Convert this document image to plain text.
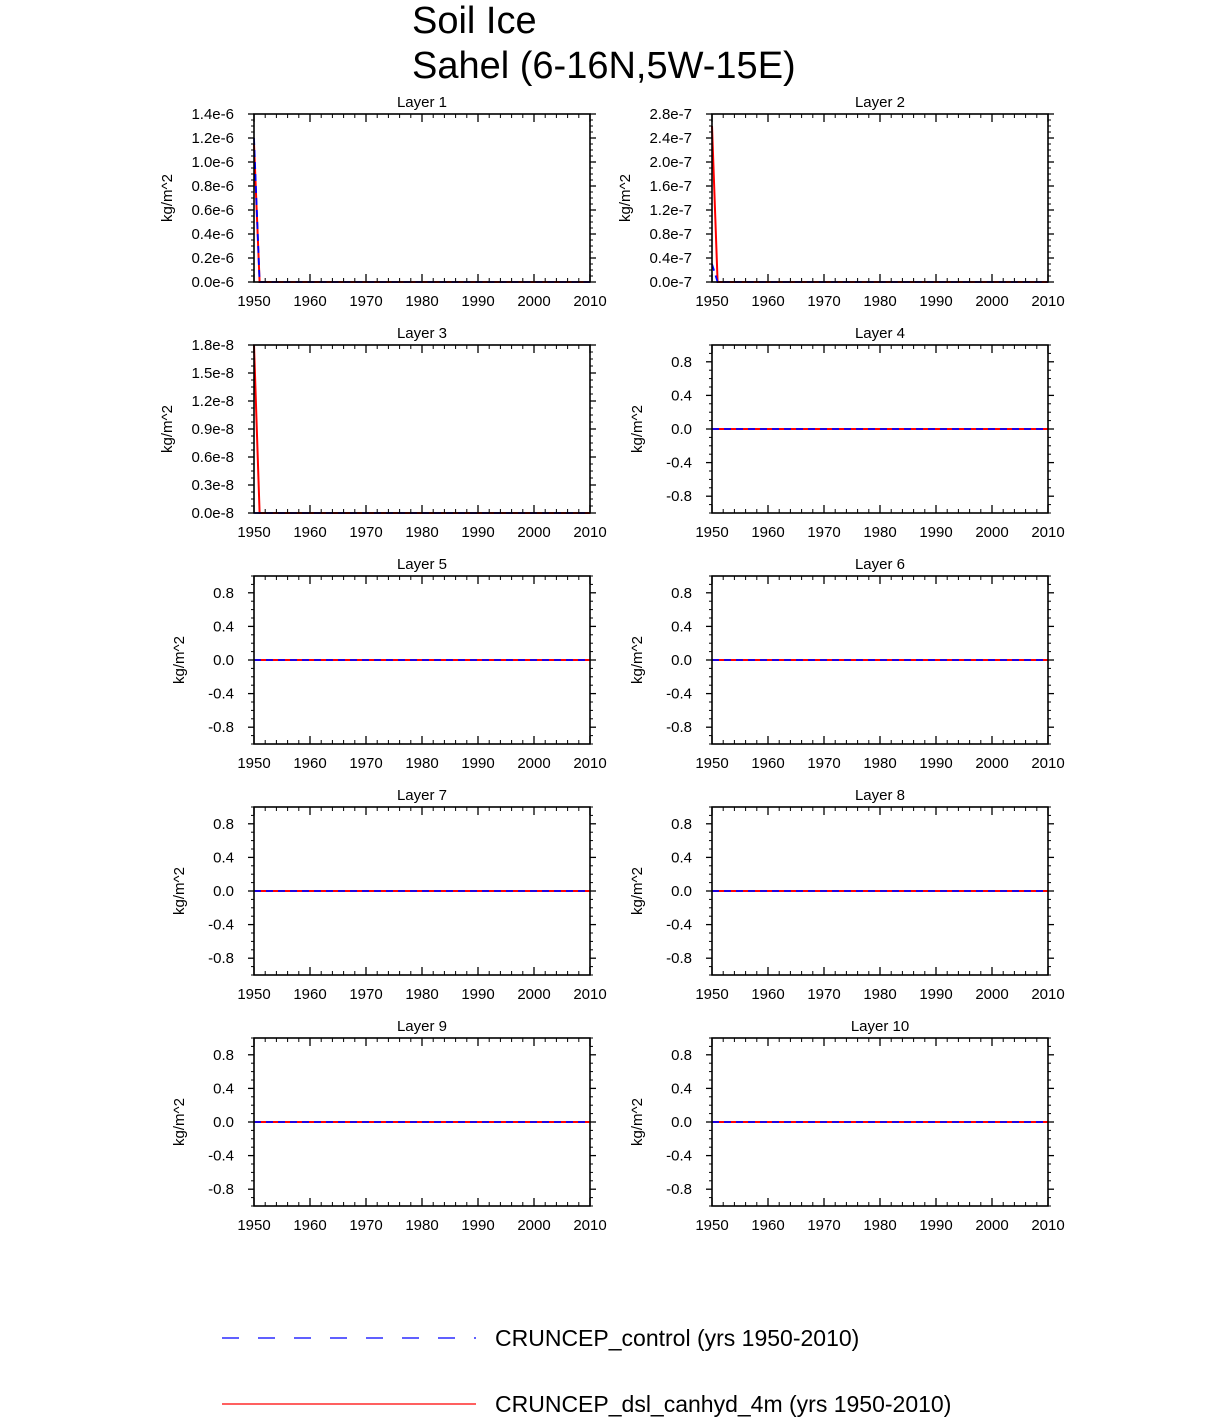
Soil Ice
Sahel (6-16N,5W-15E)
Layer 1
1950 1960 1970 1980 1990 2000 2010
0.0e-6
0.2e-6
0.4e-6
0.6e-6
0.8e-6
1.0e-6
1.2e-6
1.4e-6
kg/m^2
Layer 2
1950 1960 1970 1980 1990 2000 2010
0.0e-7
0.4e-7
0.8e-7
1.2e-7
1.6e-7
2.0e-7
2.4e-7
2.8e-7
kg/m^2
Layer 3
1950 1960 1970 1980 1990 2000 2010
0.0e-8
0.3e-8
0.6e-8
0.9e-8
1.2e-8
1.5e-8
1.8e-8
kg/m^2
Layer 4
1950 1960 1970 1980 1990 2000 2010
-0.8
-0.4
0.0
0.4
0.8
kg/m^2
Layer 5
1950 1960 1970 1980 1990 2000 2010
-0.8
-0.4
0.0
0.4
0.8
kg/m^2
Layer 6
1950 1960 1970 1980 1990 2000 2010
-0.8
-0.4
0.0
0.4
0.8
kg/m^2
Layer 7
1950 1960 1970 1980 1990 2000 2010
-0.8
-0.4
0.0
0.4
0.8
kg/m^2
Layer 8
1950 1960 1970 1980 1990 2000 2010
-0.8
-0.4
0.0
0.4
0.8
kg/m^2
Layer 9
1950 1960 1970 1980 1990 2000 2010
-0.8
-0.4
0.0
0.4
0.8
kg/m^2
Layer 10
1950 1960 1970 1980 1990 2000 2010
-0.8
-0.4
0.0
0.4
0.8
kg/m^2
CRUNCEP_control (yrs 1950-2010)
CRUNCEP_dsl_canhyd_4m (yrs 1950-2010)
